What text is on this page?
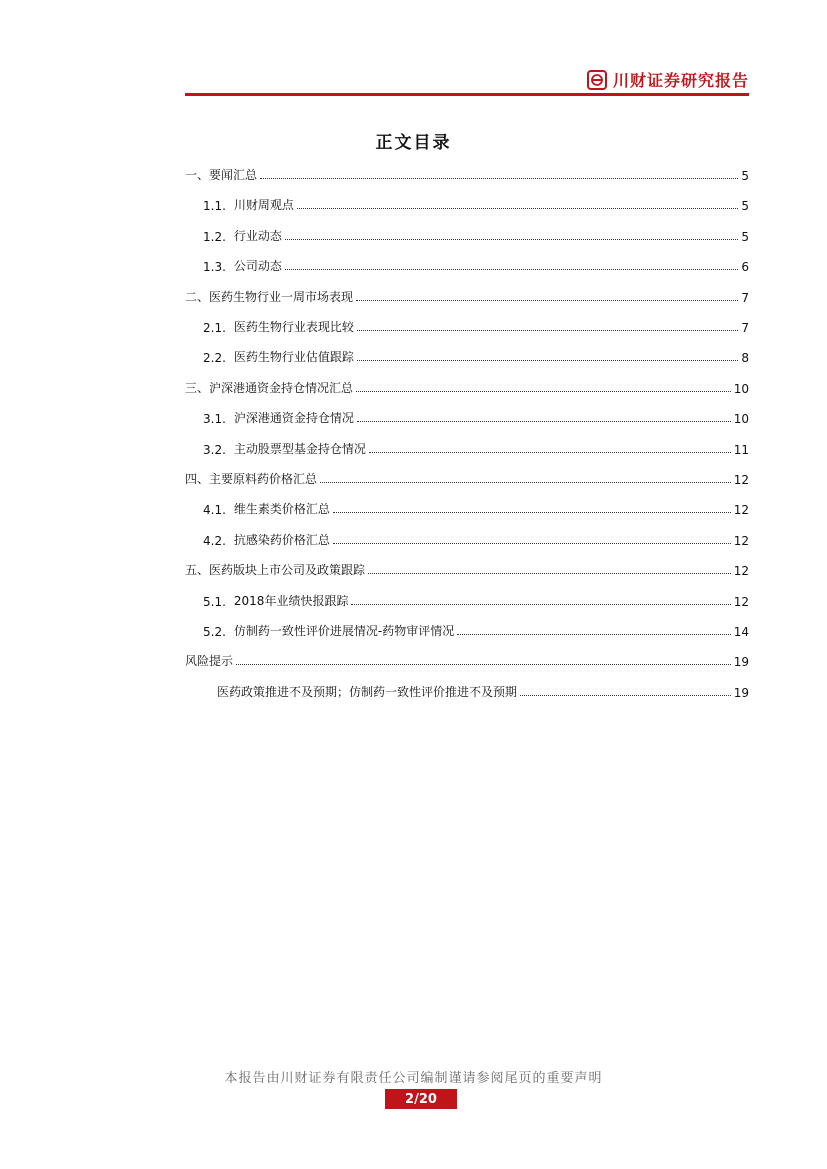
川财证券研究报告
正文目录
一、要闻汇总	5
1.1. 川财周观点	5
1.2. 行业动态	5
1.3. 公司动态	6
二、医药生物行业一周市场表现	7
2.1. 医药生物行业表现比较	7
2.2. 医药生物行业估值跟踪	8
三、沪深港通资金持仓情况汇总	10
3.1. 沪深港通资金持仓情况	10
3.2. 主动股票型基金持仓情况	11
四、主要原料药价格汇总	12
4.1. 维生素类价格汇总	12
4.2. 抗感染药价格汇总	12
五、医药版块上市公司及政策跟踪	12
5.1. 2018年业绩快报跟踪	12
5.2. 仿制药一致性评价进展情况-药物审评情况	14
风险提示	19
医药政策推进不及预期；仿制药一致性评价推进不及预期	19
本报告由川财证券有限责任公司编制谨请参阅尾页的重要声明
2/20
